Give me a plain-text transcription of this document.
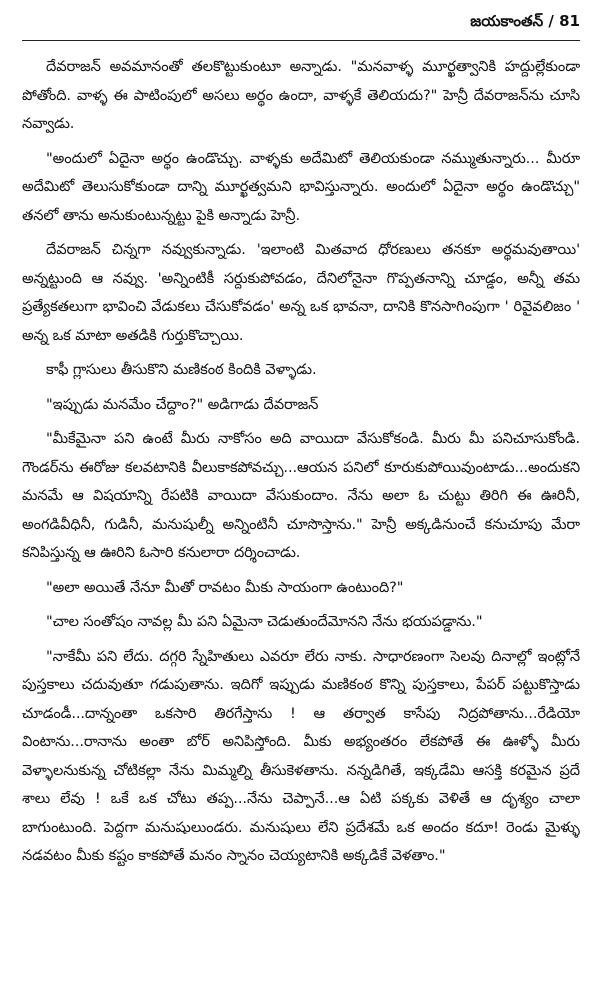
జయకాంతన్ / 81

దేవరాజన్ అవమానంతో తలకొట్టుకుంటూ అన్నాడు. "మనవాళ్ళ మూర్ఖత్వానికి హద్దుల్లేకుండా పోతోంది. వాళ్ళ ఈ పాటింపులో అసలు అర్థం ఉందా, వాళ్ళకే తెలియదు?" హెన్రీ దేవరాజన్‌ను చూసి నవ్వాడు.

"అందులో ఏదైనా అర్థం ఉండొచ్చు. వాళ్ళకు అదేమిటో తెలియకుండా నమ్ముతున్నారు... మీరూ అదేమిటో తెలుసుకోకుండా దాన్ని మూర్ఖత్వమని భావిస్తున్నారు. అందులో ఏదైనా అర్థం ఉండొచ్చు" తనలో తాను అనుకుంటున్నట్టు పైకి అన్నాడు హెన్రీ.

దేవరాజన్ చిన్నగా నవ్వుకున్నాడు. 'ఇలాంటి మితవాద ధోరణులు తనకూ అర్థమవుతాయి' అన్నట్టుంది ఆ నవ్వు. 'అన్నింటికీ సర్దుకుపోవడం, దేనిలోనైనా గొప్పతనాన్ని చూడ్డం, అన్నీ తమ ప్రత్యేకతలుగా భావించి వేడుకలు చేసుకోవడం' అన్న ఒక భావనా, దానికి కొనసాగింపుగా ' రివైవలిజం ' అన్న ఒక మాటా అతడికి గుర్తుకొచ్చాయి.

కాఫీ గ్లాసులు తీసుకొని మణికంఠ కిందికి వెళ్ళాడు.

"ఇప్పుడు మనమేం చేద్దాం?" అడిగాడు దేవరాజన్

"మీకేమైనా పని ఉంటే మీరు నాకోసం అది వాయిదా వేసుకోకండి. మీరు మీ పనిచూసుకోండి. గౌండర్‌ను ఈరోజు కలవటానికి వీలుకాకపోవచ్చు...ఆయన పనిలో కూరుకుపోయివుంటాడు...అందుకని మనమే ఆ విషయాన్ని రేపటికి వాయిదా వేసుకుందాం. నేను అలా ఓ చుట్టు తిరిగి ఈ ఊరినీ, అంగడివీధినీ, గుడినీ, మనుషుల్నీ అన్నింటినీ చూసొస్తాను." హెన్రీ అక్కడినుంచే కనుచూపు మేరా కనిపిస్తున్న ఆ ఊరిని ఓసారి కనులారా దర్శించాడు.

"అలా అయితే నేనూ మీతో రావటం మీకు సాయంగా ఉంటుంది?"

"చాల సంతోషం నావల్ల మీ పని ఏమైనా చెడుతుందేమోనని నేను భయపడ్డాను."

"నాకేమీ పని లేదు. దగ్గరి స్నేహితులు ఎవరూ లేరు నాకు. సాధారణంగా సెలవు దినాల్లో ఇంట్లోనే పుస్తకాలు చదువుతూ గడుపుతాను. ఇదిగో ఇప్పుడు మణికంఠ కొన్ని పుస్తకాలు, పేపర్ పట్టుకొస్తాడు చూడండీ...దాన్నంతా ఒకసారి తిరగేస్తాను ! ఆ తర్వాత కాసేపు నిద్రపోతాను...రేడియో వింటాను...రానాను అంతా బోర్ అనిపిస్తోంది. మీకు అభ్యంతరం లేకపోతే ఈ ఊళ్ళో మీరు వెళ్ళాలనుకున్న చోటికల్లా నేను మిమ్మల్ని తీసుకెళతాను. నన్నడిగితే, ఇక్కడేమి ఆసక్తి కరమైన ప్రదే శాలు లేవు ! ఒకే ఒక చోటు తప్ప...నేను చెప్పానే...ఆ ఏటి పక్కకు వెళితే ఆ దృశ్యం చాలా బాగుంటుంది. పెద్దగా మనుషులుండరు. మనుషులు లేని ప్రదేశమే ఒక అందం కదూ! రెండు మైళ్ళు నడవటం మీకు కష్టం కాకపోతే మనం స్నానం చెయ్యటానికి అక్కడికే వెళతాం."
